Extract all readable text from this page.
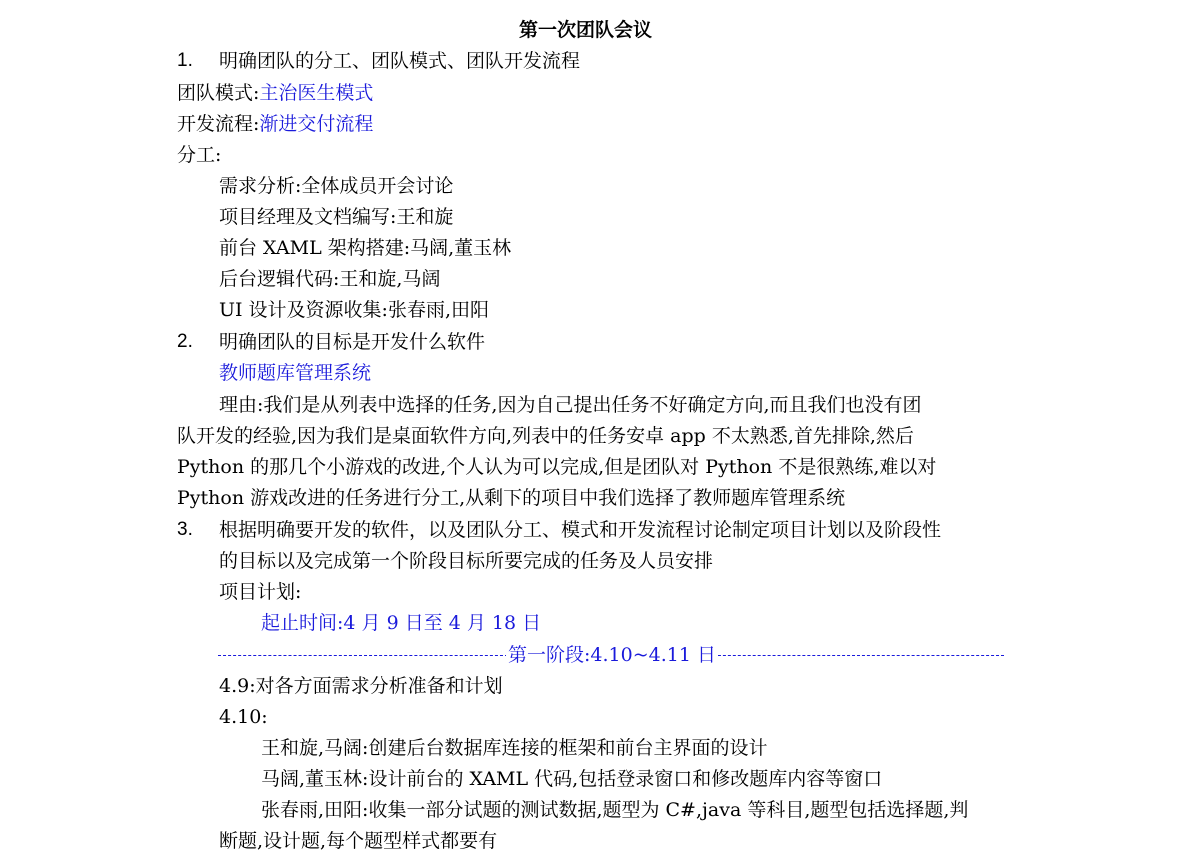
第一次团队会议
1. 明确团队的分工、团队模式、团队开发流程
团队模式:主治医生模式
开发流程:渐进交付流程
分工:
需求分析:全体成员开会讨论
项目经理及文档编写:王和旋
前台 XAML 架构搭建:马阔,董玉林
后台逻辑代码:王和旋,马阔
UI 设计及资源收集:张春雨,田阳
2. 明确团队的目标是开发什么软件
教师题库管理系统
理由:我们是从列表中选择的任务,因为自己提出任务不好确定方向,而且我们也没有团
队开发的经验,因为我们是桌面软件方向,列表中的任务安卓 app 不太熟悉,首先排除,然后
Python 的那几个小游戏的改进,个人认为可以完成,但是团队对 Python 不是很熟练,难以对
Python 游戏改进的任务进行分工,从剩下的项目中我们选择了教师题库管理系统
3. 根据明确要开发的软件，以及团队分工、模式和开发流程讨论制定项目计划以及阶段性
的目标以及完成第一个阶段目标所要完成的任务及人员安排
项目计划:
起止时间:4 月 9 日至 4 月 18 日
第一阶段:4.10~4.11 日
4.9:对各方面需求分析准备和计划
4.10:
王和旋,马阔:创建后台数据库连接的框架和前台主界面的设计
马阔,董玉林:设计前台的 XAML 代码,包括登录窗口和修改题库内容等窗口
张春雨,田阳:收集一部分试题的测试数据,题型为 C#,java 等科目,题型包括选择题,判
断题,设计题,每个题型样式都要有
